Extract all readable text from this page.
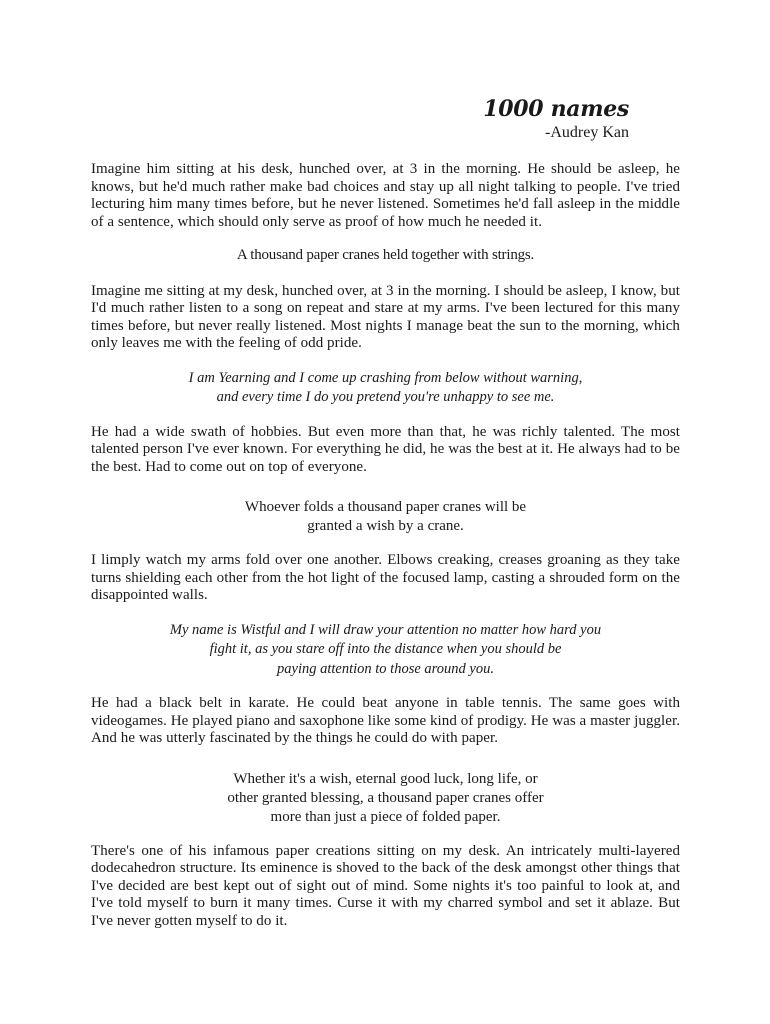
1000 names
-Audrey Kan

Imagine him sitting at his desk, hunched over, at 3 in the morning. He should be asleep, he knows, but he'd much rather make bad choices and stay up all night talking to people. I've tried lecturing him many times before, but he never listened. Sometimes he'd fall asleep in the middle of a sentence, which should only serve as proof of how much he needed it.

A thousand paper cranes held together with strings.

Imagine me sitting at my desk, hunched over, at 3 in the morning. I should be asleep, I know, but I'd much rather listen to a song on repeat and stare at my arms. I've been lectured for this many times before, but never really listened. Most nights I manage beat the sun to the morning, which only leaves me with the feeling of odd pride.

I am Yearning and I come up crashing from below without warning,
and every time I do you pretend you're unhappy to see me.

He had a wide swath of hobbies. But even more than that, he was richly talented. The most talented person I've ever known. For everything he did, he was the best at it. He always had to be the best. Had to come out on top of everyone.

Whoever folds a thousand paper cranes will be
granted a wish by a crane.

I limply watch my arms fold over one another. Elbows creaking, creases groaning as they take turns shielding each other from the hot light of the focused lamp, casting a shrouded form on the disappointed walls.

My name is Wistful and I will draw your attention no matter how hard you
fight it, as you stare off into the distance when you should be
paying attention to those around you.

He had a black belt in karate. He could beat anyone in table tennis. The same goes with videogames. He played piano and saxophone like some kind of prodigy. He was a master juggler. And he was utterly fascinated by the things he could do with paper.

Whether it's a wish, eternal good luck, long life, or
other granted blessing, a thousand paper cranes offer
more than just a piece of folded paper.

There's one of his infamous paper creations sitting on my desk. An intricately multi-layered dodecahedron structure. Its eminence is shoved to the back of the desk amongst other things that I've decided are best kept out of sight out of mind. Some nights it's too painful to look at, and I've told myself to burn it many times. Curse it with my charred symbol and set it ablaze. But I've never gotten myself to do it.
